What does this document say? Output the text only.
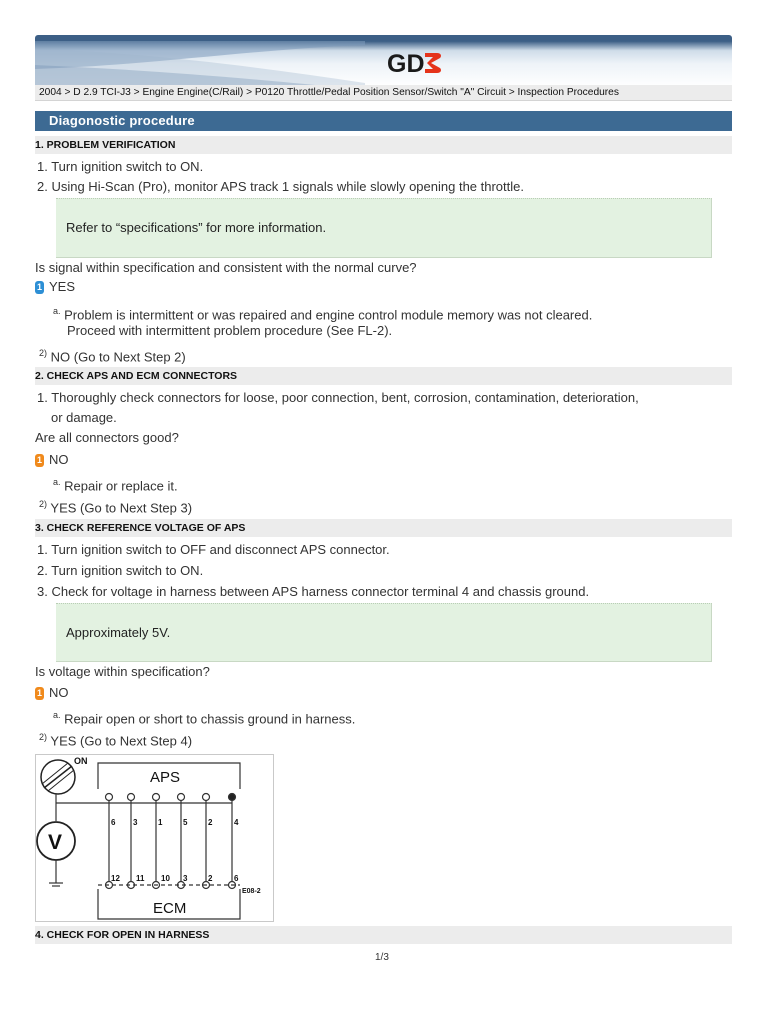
GD
2004 > D 2.9 TCI-J3 > Engine Engine(C/Rail) > P0120 Throttle/Pedal Position Sensor/Switch "A" Circuit > Inspection Procedures
Diagonostic procedure
1. PROBLEM VERIFICATION
1. Turn ignition switch to ON.
2. Using Hi-Scan (Pro), monitor APS track 1 signals while slowly opening the throttle.
Refer to “specifications” for more information.
Is signal within specification and consistent with the normal curve?
1 YES
$^{a.}$ Problem is intermittent or was repaired and engine control module memory was not cleared.
Proceed with intermittent problem procedure (See FL-2).
$^{2)}$ NO (Go to Next Step 2)
2. CHECK APS AND ECM CONNECTORS
1. Thoroughly check connectors for loose, poor connection, bent, corrosion, contamination, deterioration,
or damage.
Are all connectors good?
1 NO
$^{a.}$ Repair or replace it.
$^{2)}$ YES (Go to Next Step 3)
3. CHECK REFERENCE VOLTAGE OF APS
1. Turn ignition switch to OFF and disconnect APS connector.
2. Turn ignition switch to ON.
3. Check for voltage in harness between APS harness connector terminal 4 and chassis ground.
Approximately 5V.
Is voltage within specification?
1 NO
$^{a.}$ Repair open or short to chassis ground in harness.
$^{2)}$ YES (Go to Next Step 4)
ON
APS
6 3	1	5	2	4
V
12 11 10 3	2	6
E08-2
ECM
4. CHECK FOR OPEN IN HARNESS
1/3
